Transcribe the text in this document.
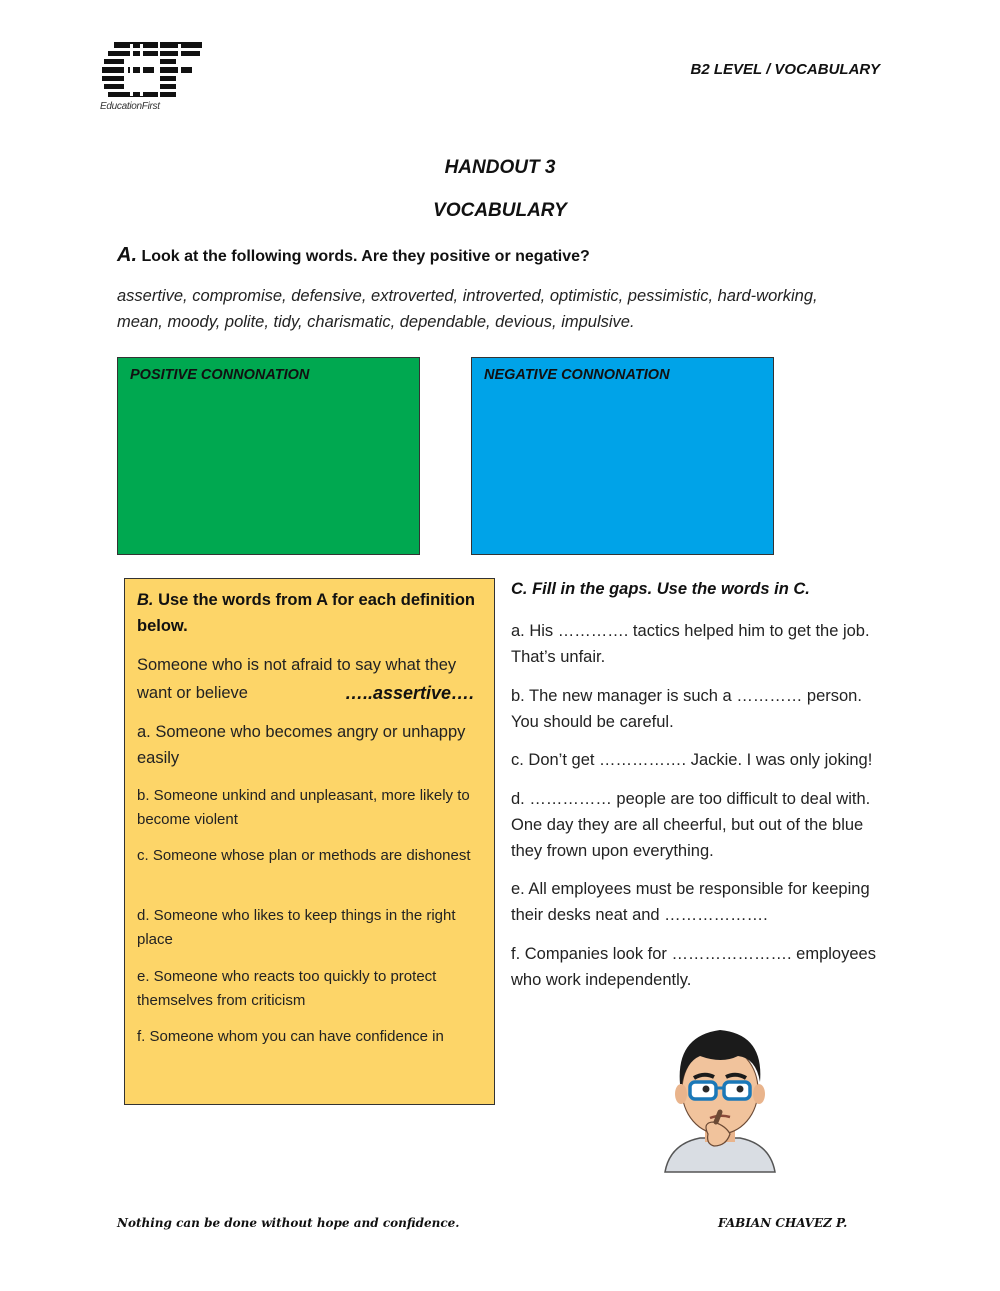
EducationFirst
B2 LEVEL / VOCABULARY
HANDOUT 3
VOCABULARY
A. Look at the following words. Are they positive or negative?
assertive, compromise, defensive, extroverted, introverted, optimistic, pessimistic, hard-working, mean, moody, polite, tidy, charismatic, dependable, devious, impulsive.
POSITIVE CONNONATION	NEGATIVE CONNONATION
B. Use the words from A for each definition below.
Someone who is not afraid to say what they want or believe	…..assertive….
a. Someone who becomes angry or unhappy easily
b. Someone unkind and unpleasant, more likely to become violent
c. Someone whose plan or methods are dishonest
d. Someone who likes to keep things in the right place
e. Someone who reacts too quickly to protect themselves from criticism
f. Someone whom you can have confidence in
C. Fill in the gaps. Use the words in C.
a. His …………. tactics helped him to get the job. That’s unfair.
b. The new manager is such a ………… person. You should be careful.
c. Don’t get ……………. Jackie. I was only joking!
d. …………… people are too difficult to deal with. One day they are all cheerful, but out of the blue they frown upon everything.
e. All employees must be responsible for keeping their desks neat and ……………….
f. Companies look for …………………. employees who work independently.
Nothing can be done without hope and confidence.	FABIAN CHAVEZ P.
